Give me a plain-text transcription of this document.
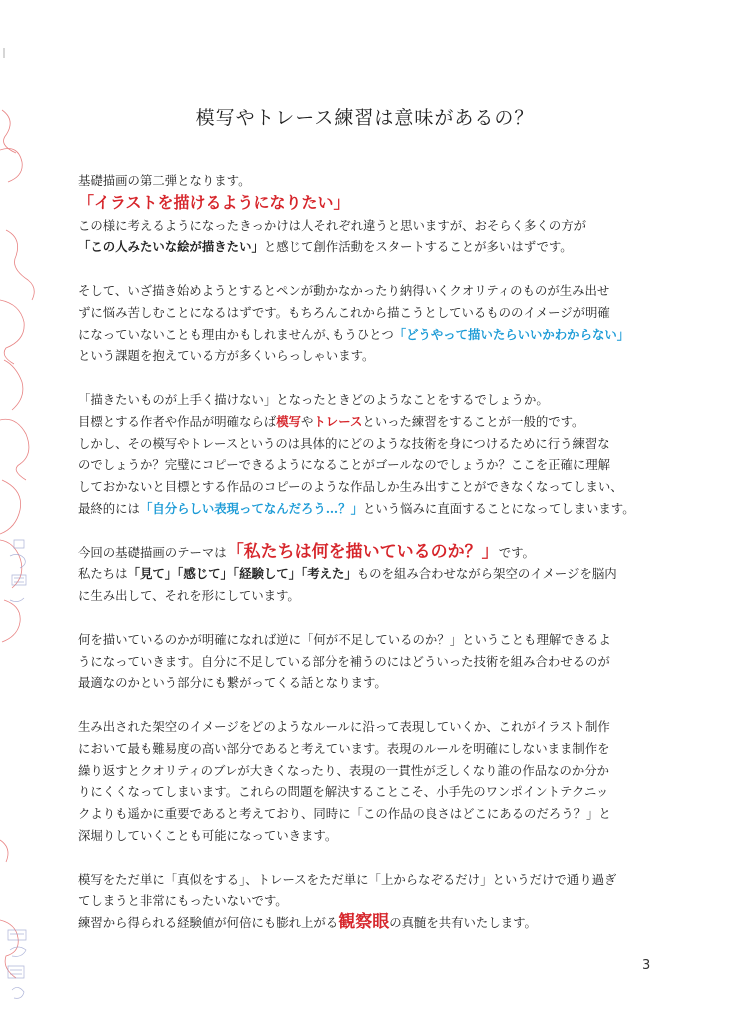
模写やトレース練習は意味があるの？

基礎描画の第二弾となります。

「イラストを描けるようになりたい」

この様に考えるようになったきっかけは人それぞれ違うと思いますが、おそらく多くの方が

「この人みたいな絵が描きたい」と感じて創作活動をスタートすることが多いはずです。

そして、いざ描き始めようとするとペンが動かなかったり納得いくクオリティのものが生み出せ

ずに悩み苦しむことになるはずです。もちろんこれから描こうとしているもののイメージが明確

になっていないことも理由かもしれませんが､もうひとつ「どうやって描いたらいいかわからない」

という課題を抱えている方が多くいらっしゃいます。

「描きたいものが上手く描けない」となったときどのようなことをするでしょうか。

目標とする作者や作品が明確ならば模写やトレースといった練習をすることが一般的です。

しかし、その模写やトレースというのは具体的にどのような技術を身につけるために行う練習な

のでしょうか？完璧にコピーできるようになることがゴールなのでしょうか？ここを正確に理解

しておかないと目標とする作品のコピーのような作品しか生み出すことができなくなってしまい、

最終的には「自分らしい表現ってなんだろう…？」という悩みに直面することになってしまいます。

今回の基礎描画のテーマは「私たちは何を描いているのか？」です。

私たちは「見て」「感じて」「経験して」「考えた」ものを組み合わせながら架空のイメージを脳内

に生み出して、それを形にしています。

何を描いているのかが明確になれば逆に「何が不足しているのか？」ということも理解できるよ

うになっていきます。自分に不足している部分を補うのにはどういった技術を組み合わせるのが

最適なのかという部分にも繋がってくる話となります。

生み出された架空のイメージをどのようなルールに沿って表現していくか、これがイラスト制作

において最も難易度の高い部分であると考えています。表現のルールを明確にしないまま制作を

繰り返すとクオリティのブレが大きくなったり、表現の一貫性が乏しくなり誰の作品なのか分か

りにくくなってしまいます。これらの問題を解決することこそ、小手先のワンポイントテクニッ

クよりも遥かに重要であると考えており、同時に「この作品の良さはどこにあるのだろう？」と

深堀りしていくことも可能になっていきます。

模写をただ単に「真似をする」、トレースをただ単に「上からなぞるだけ」というだけで通り過ぎ

てしまうと非常にもったいないです。

練習から得られる経験値が何倍にも膨れ上がる観察眼の真髄を共有いたします。

3
